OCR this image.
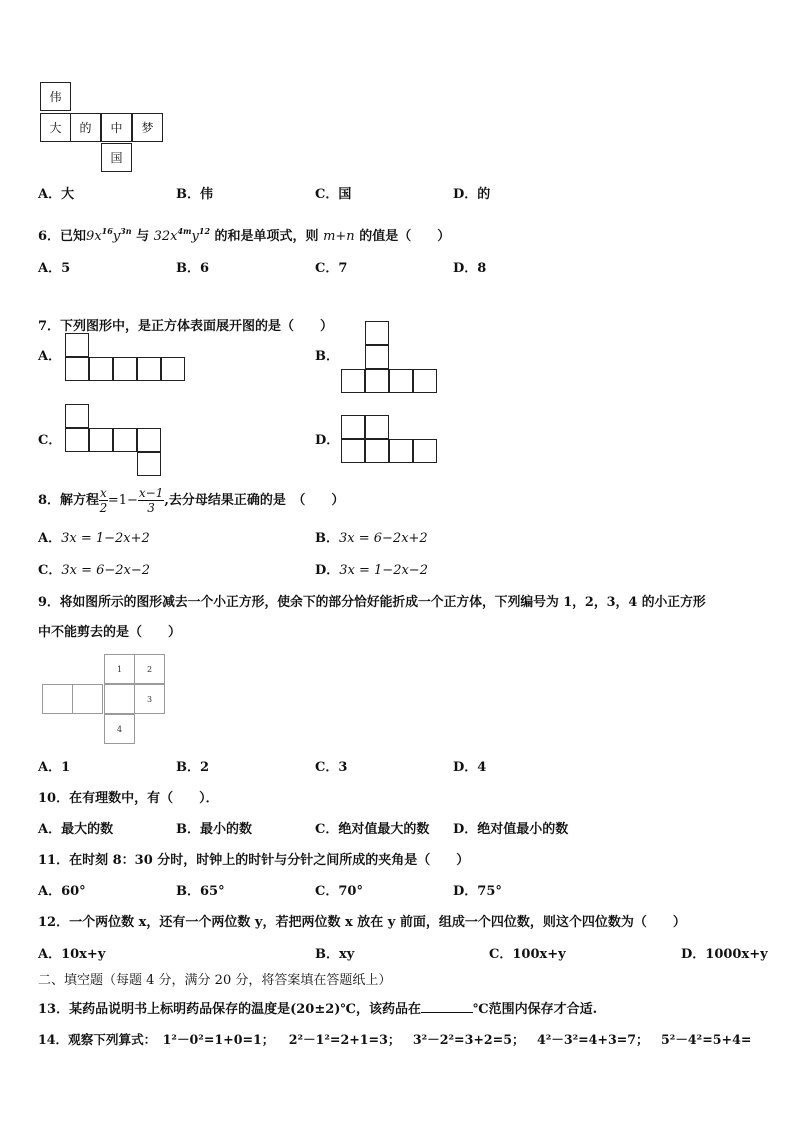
伟
大	的	中	梦
国
A．大	B．伟	C．国	D．的
6．已知$9x^{16}y^{3n}$ 与 $32x^{4m}y^{12}$ 的和是单项式，则 m+n 的值是（　　）
A．5	B．6	C．7	D．8
7．下列图形中，是正方体表面展开图的是（　　）
A．	B．
C．	D．
8．解方程 $\frac{x}{2} =1- \frac{x-1}{3}$ ,去分母结果正确的是　（　　）
A．3x = 1−2x+2	B．3x = 6−2x+2
C．3x = 6−2x−2	D．3x = 1−2x−2
9．将如图所示的图形减去一个小正方形，使余下的部分恰好能折成一个正方体，下列编号为 1，2，3，4 的小正方形
中不能剪去的是（　　）
1	2
3
4
A．1	B．2	C．3	D．4
10．在有理数中，有（　　）．
A．最大的数	B．最小的数	C．绝对值最大的数 D．绝对值最小的数
11．在时刻 8：30 分时，时钟上的时针与分针之间所成的夹角是（　　）
A．60°	B．65°	C．70°	D．75°
12．一个两位数 x，还有一个两位数 y，若把两位数 x 放在 y 前面，组成一个四位数，则这个四位数为（　　）
A．10x+y	B．xy	C．100x+y	D．1000x+y
二、填空题（每题 4 分，满分 20 分，将答案填在答题纸上）
13．某药品说明书上标明药品保存的温度是(20±2)℃，该药品在	℃范围内保存才合适.
14．观察下列算式： 1²－0²=1+0=1； 2²－1²=2+1=3； 3²－2²=3+2=5； 4²－3²=4+3=7； 5²－4²=5+4=
